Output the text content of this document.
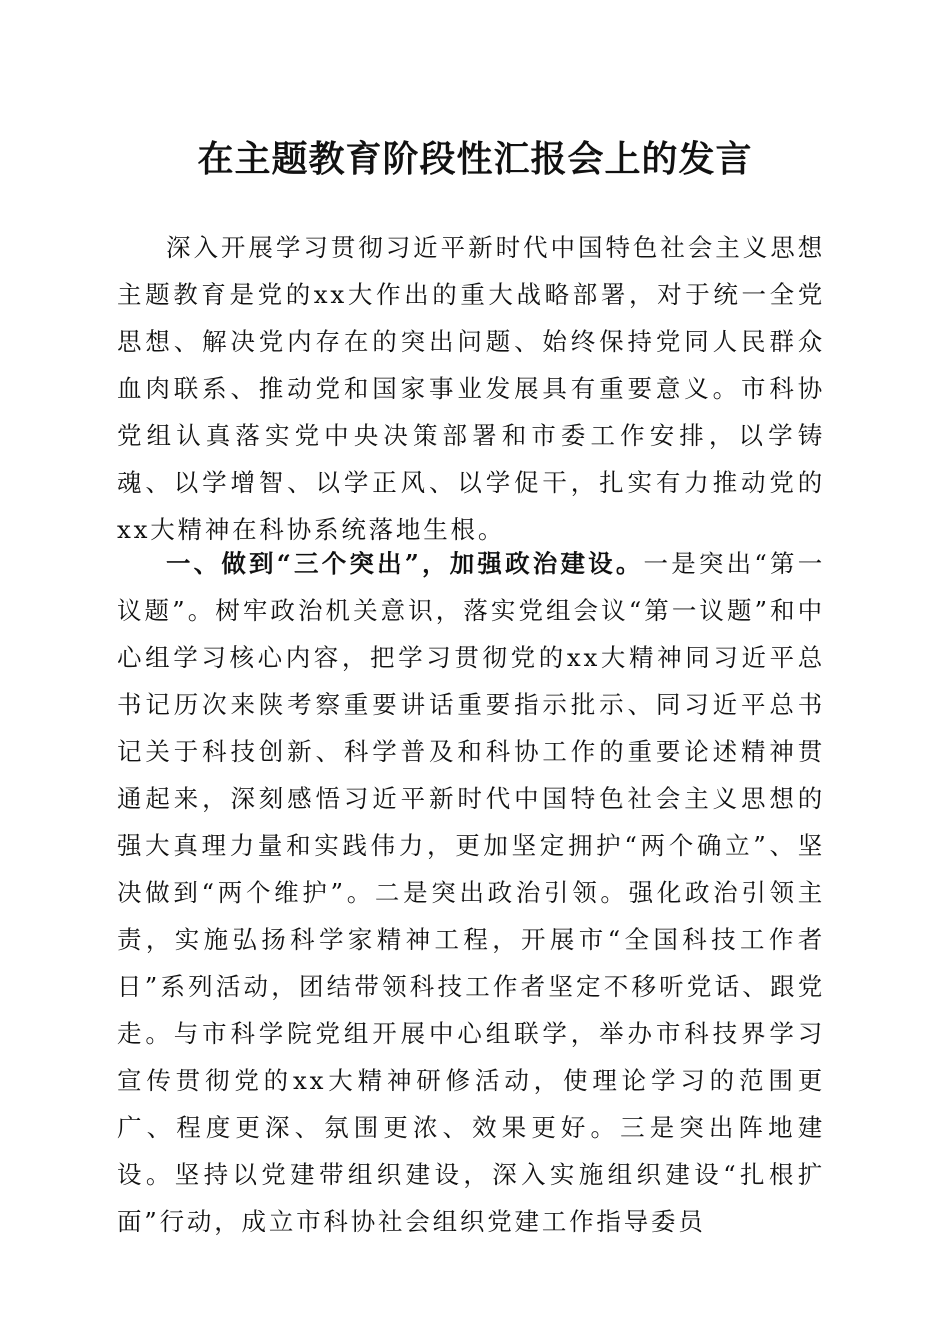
在主题教育阶段性汇报会上的发言

深入开展学习贯彻习近平新时代中国特色社会主义思想主题教育是党的xx大作出的重大战略部署，对于统一全党思想、解决党内存在的突出问题、始终保持党同人民群众血肉联系、推动党和国家事业发展具有重要意义。市科协党组认真落实党中央决策部署和市委工作安排，以学铸魂、以学增智、以学正风、以学促干，扎实有力推动党的xx大精神在科协系统落地生根。

一、做到“三个突出”，加强政治建设。一是突出“第一议题”。树牢政治机关意识，落实党组会议“第一议题”和中心组学习核心内容，把学习贯彻党的xx大精神同习近平总书记历次来陕考察重要讲话重要指示批示、同习近平总书记关于科技创新、科学普及和科协工作的重要论述精神贯通起来，深刻感悟习近平新时代中国特色社会主义思想的强大真理力量和实践伟力，更加坚定拥护“两个确立”、坚决做到“两个维护”。二是突出政治引领。强化政治引领主责，实施弘扬科学家精神工程，开展市“全国科技工作者日”系列活动，团结带领科技工作者坚定不移听党话、跟党走。与市科学院党组开展中心组联学，举办市科技界学习宣传贯彻党的xx大精神研修活动，使理论学习的范围更广、程度更深、氛围更浓、效果更好。三是突出阵地建设。坚持以党建带组织建设，深入实施组织建设“扎根扩面”行动，成立市科协社会组织党建工作指导委员
